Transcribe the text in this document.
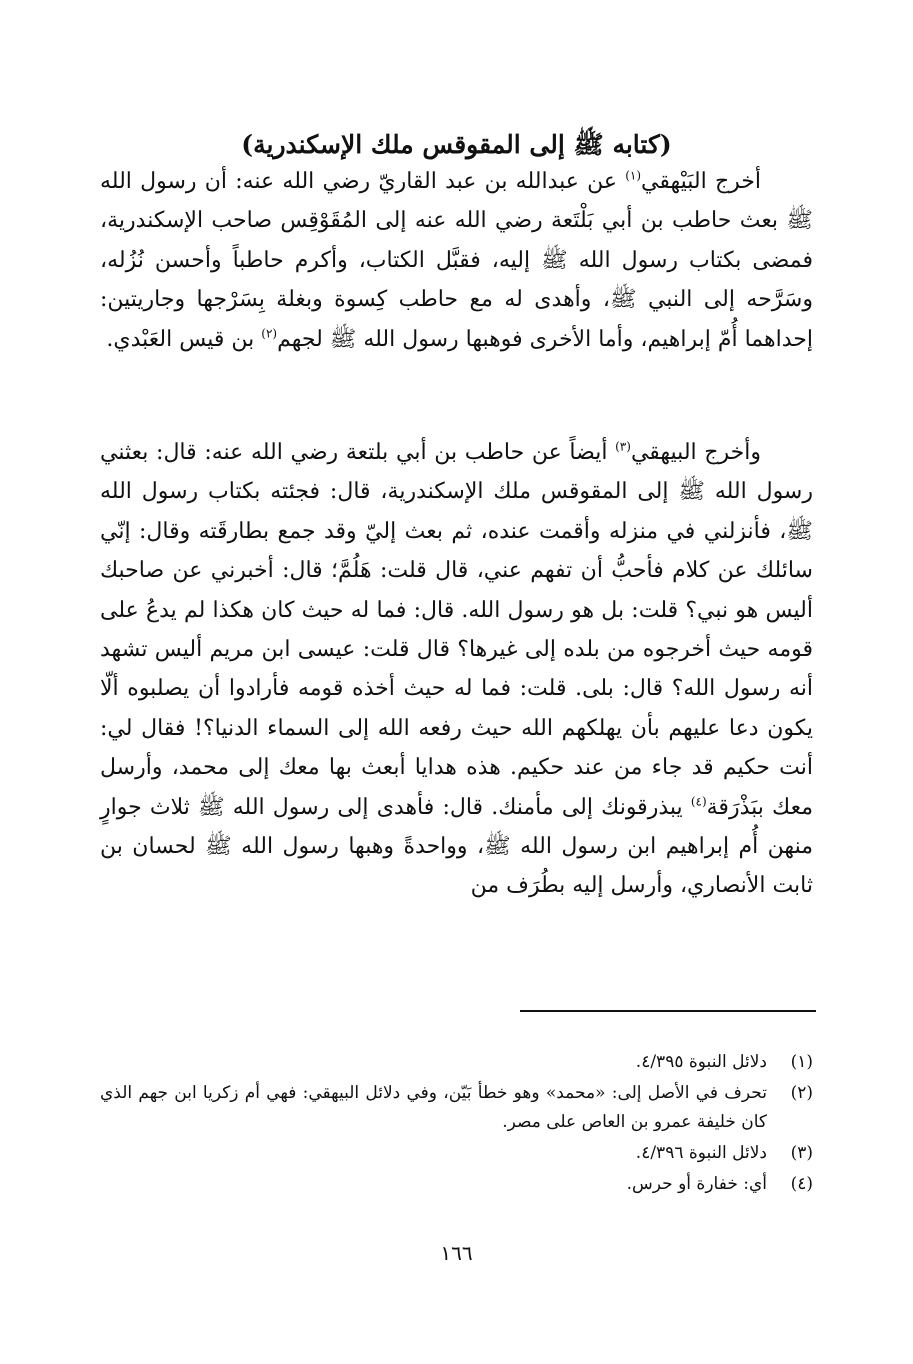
(كتابه ﷺ إلى المقوقس ملك الإسكندرية)

أخرج البَيْهقي$^{(١)}$ عن عبدالله بن عبد القاريّ رضي الله عنه: أن رسول الله ﷺ بعث حاطب بن أبي بَلْتَعة رضي الله عنه إلى المُقَوْقِس صاحب الإسكندرية، فمضى بكتاب رسول الله ﷺ إليه، فقبَّل الكتاب، وأكرم حاطباً وأحسن نُزُله، وسَرَّحه إلى النبي ﷺ، وأهدى له مع حاطب كِسوة وبغلة بِسَرْجها وجاريتين: إحداهما أُمّ إبراهيم، وأما الأخرى فوهبها رسول الله ﷺ لجهم$^{(٢)}$ بن قيس العَبْدي.

وأخرج البيهقي$^{(٣)}$ أيضاً عن حاطب بن أبي بلتعة رضي الله عنه: قال: بعثني رسول الله ﷺ إلى المقوقس ملك الإسكندرية، قال: فجئته بكتاب رسول الله ﷺ، فأنزلني في منزله وأقمت عنده، ثم بعث إليّ وقد جمع بطارقَته وقال: إنّي سائلك عن كلام فأحبُّ أن تفهم عني، قال قلت: هَلُمَّ؛ قال: أخبرني عن صاحبك أليس هو نبي؟ قلت: بل هو رسول الله. قال: فما له حيث كان هكذا لم يدعُ على قومه حيث أخرجوه من بلده إلى غيرها؟ قال قلت: عيسى ابن مريم أليس تشهد أنه رسول الله؟ قال: بلى. قلت: فما له حيث أخذه قومه فأرادوا أن يصلبوه ألّا يكون دعا عليهم بأن يهلكهم الله حيث رفعه الله إلى السماء الدنيا؟! فقال لي: أنت حكيم قد جاء من عند حكيم. هذه هدايا أبعث بها معك إلى محمد، وأرسل معك ببَذْرَقة$^{(٤)}$ يبذرقونك إلى مأمنك. قال: فأهدى إلى رسول الله ﷺ ثلاث جوارٍ منهن أُم إبراهيم ابن رسول الله ﷺ، وواحدةً وهبها رسول الله ﷺ لحسان بن ثابت الأنصاري، وأرسل إليه بطُرَف من

(١)
دلائل النبوة ٤/٣٩٥.
(٢)
تحرف في الأصل إلى: «محمد» وهو خطأ بَيّن، وفي دلائل البيهقي: فهي أم زكريا ابن جهم الذي كان خليفة عمرو بن العاص على مصر.
(٣)
دلائل النبوة ٤/٣٩٦.
(٤)
أي: خفارة أو حرس.
١٦٦
